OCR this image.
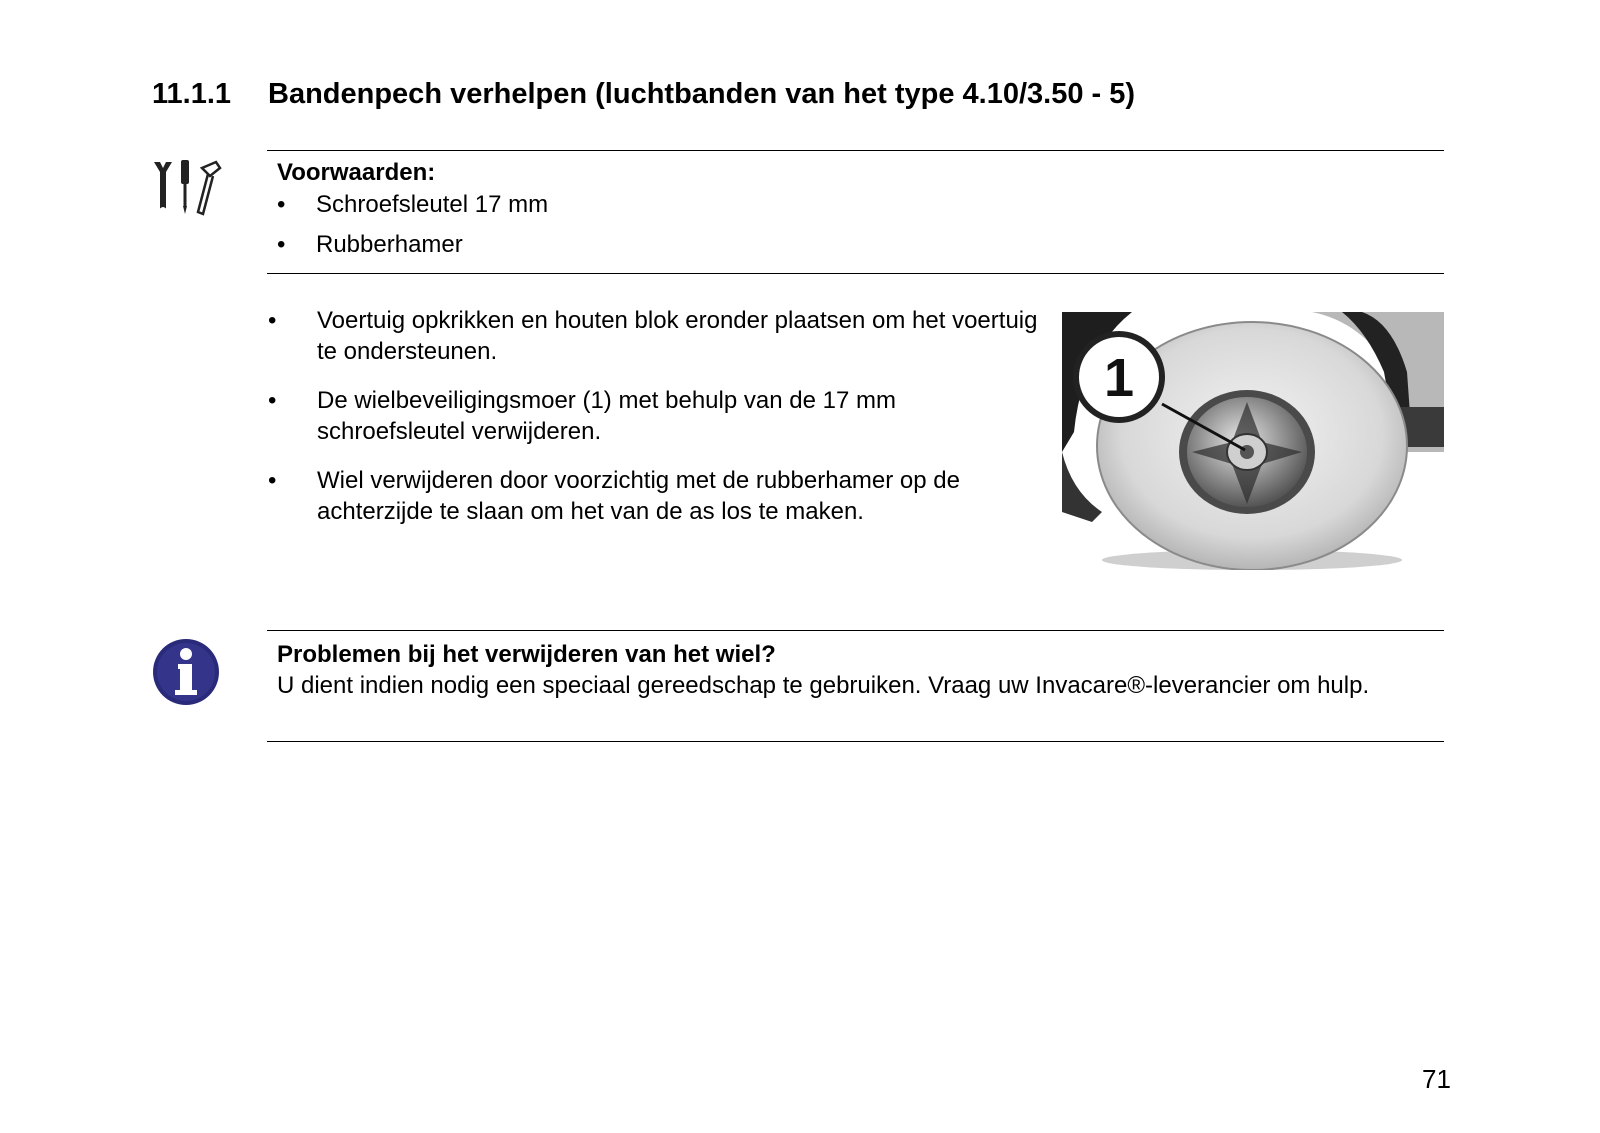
11.1.1 Bandenpech verhelpen (luchtbanden van het type 4.10/3.50 - 5)
Voorwaarden:
• Schroefsleutel 17 mm
• Rubberhamer
• Voertuig opkrikken en houten blok eronder plaatsen om het voertuig te ondersteunen.
• De wielbeveiligingsmoer (1) met behulp van de 17 mm schroefsleutel verwijderen.
• Wiel verwijderen door voorzichtig met de rubberhamer op de achterzijde te slaan om het van de as los te maken.
1
Problemen bij het verwijderen van het wiel?
U dient indien nodig een speciaal gereedschap te gebruiken. Vraag uw Invacare®-leverancier om hulp.
71
